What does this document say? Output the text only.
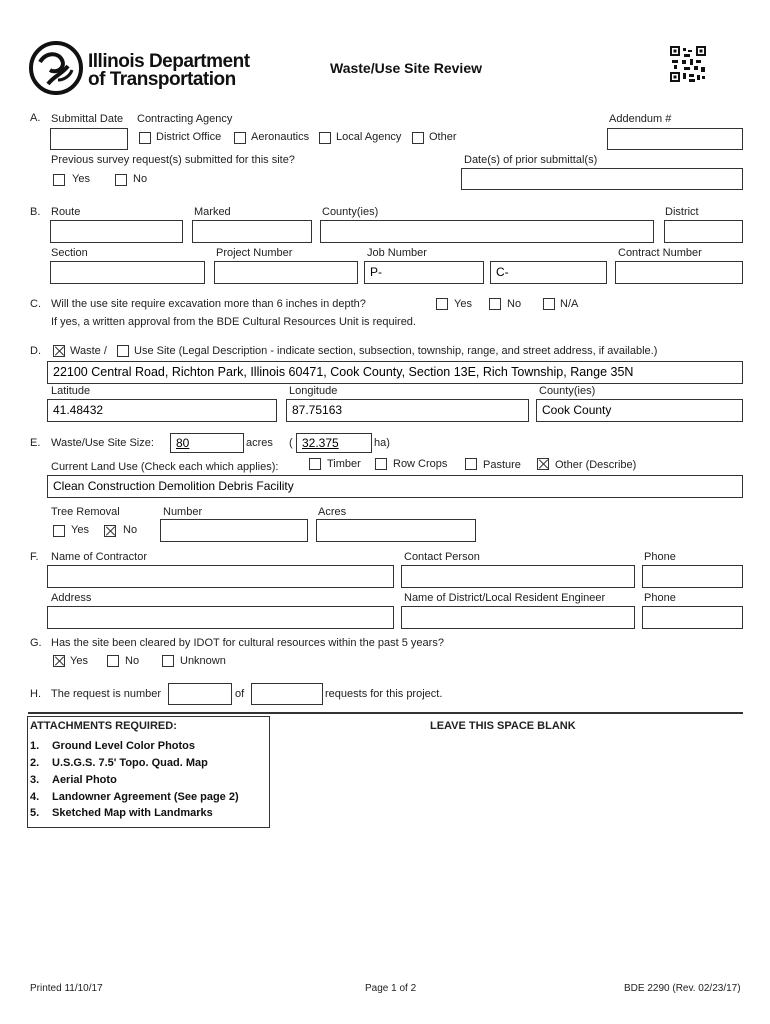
Illinois Department
of Transportation
Waste/Use Site Review
A. Submittal Date Contracting Agency	Addendum #
District Office	Aeronautics Local Agency	Other
Previous survey request(s) submitted for this site?	Date(s) of prior submittal(s)
Yes	No
B. Route	Marked	County(ies)	District
Section	Project Number	Job Number	Contract Number
P-	C-
C. Will the use site require excavation more than 6 inches in depth?
If yes, a written approval from the BDE Cultural Resources Unit is required.
Yes	No	N/A
D.	Waste / Use Site (Legal Description - indicate section, subsection, township, range, and street address, if available.)
22100 Central Road, Richton Park, Illinois 60471, Cook County, Section 13E, Rich Township, Range 35N
Latitude	Longitude	County(ies)
41.48432	87.75163	Cook County
E. Waste/Use Site Size:	80	acres ( 32.375	ha)
Current Land Use (Check each which applies):	Timber	Row Crops	Pasture	Other (Describe)
Clean Construction Demolition Debris Facility
Tree Removal	Number	Acres
Yes	No
F. Name of Contractor	Contact Person	Phone
Address	Name of District/Local Resident Engineer	Phone
G. Has the site been cleared by IDOT for cultural resources within the past 5 years?
Yes	No	Unknown
H. The request is number	of	requests for this project.
ATTACHMENTS REQUIRED:
1. Ground Level Color Photos
2. U.S.G.S. 7.5' Topo. Quad. Map
3. Aerial Photo
4. Landowner Agreement (See page 2)
5. Sketched Map with Landmarks
LEAVE THIS SPACE BLANK
Printed 11/10/17	Page 1 of 2	BDE 2290 (Rev. 02/23/17)
